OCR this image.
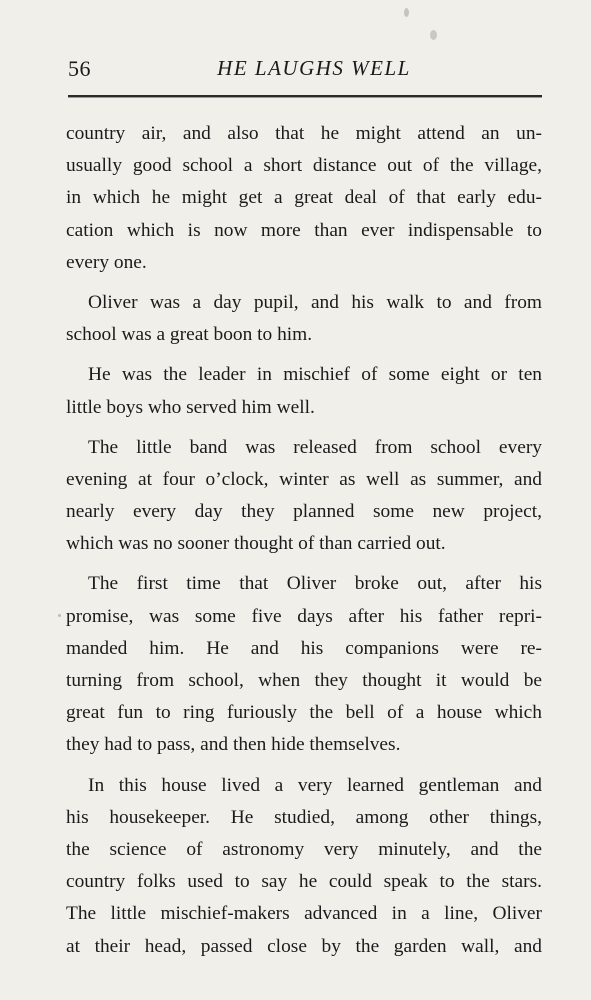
56	HE LAUGHS WELL
country air, and also that he might attend an un-
usually good school a short distance out of the village,
in which he might get a great deal of that early edu-
cation which is now more than ever indispensable to
every one.
Oliver was a day pupil, and his walk to and from
school was a great boon to him.
He was the leader in mischief of some eight or ten
little boys who served him well.
The little band was released from school every
evening at four o’clock, winter as well as summer, and
nearly every day they planned some new project,
which was no sooner thought of than carried out.
The first time that Oliver broke out, after his
promise, was some five days after his father repri-
manded him. He and his companions were re-
turning from school, when they thought it would be
great fun to ring furiously the bell of a house which
they had to pass, and then hide themselves.
In this house lived a very learned gentleman and
his housekeeper. He studied, among other things,
the science of astronomy very minutely, and the
country folks used to say he could speak to the stars.
The little mischief-makers advanced in a line, Oliver
at their head, passed close by the garden wall, and
